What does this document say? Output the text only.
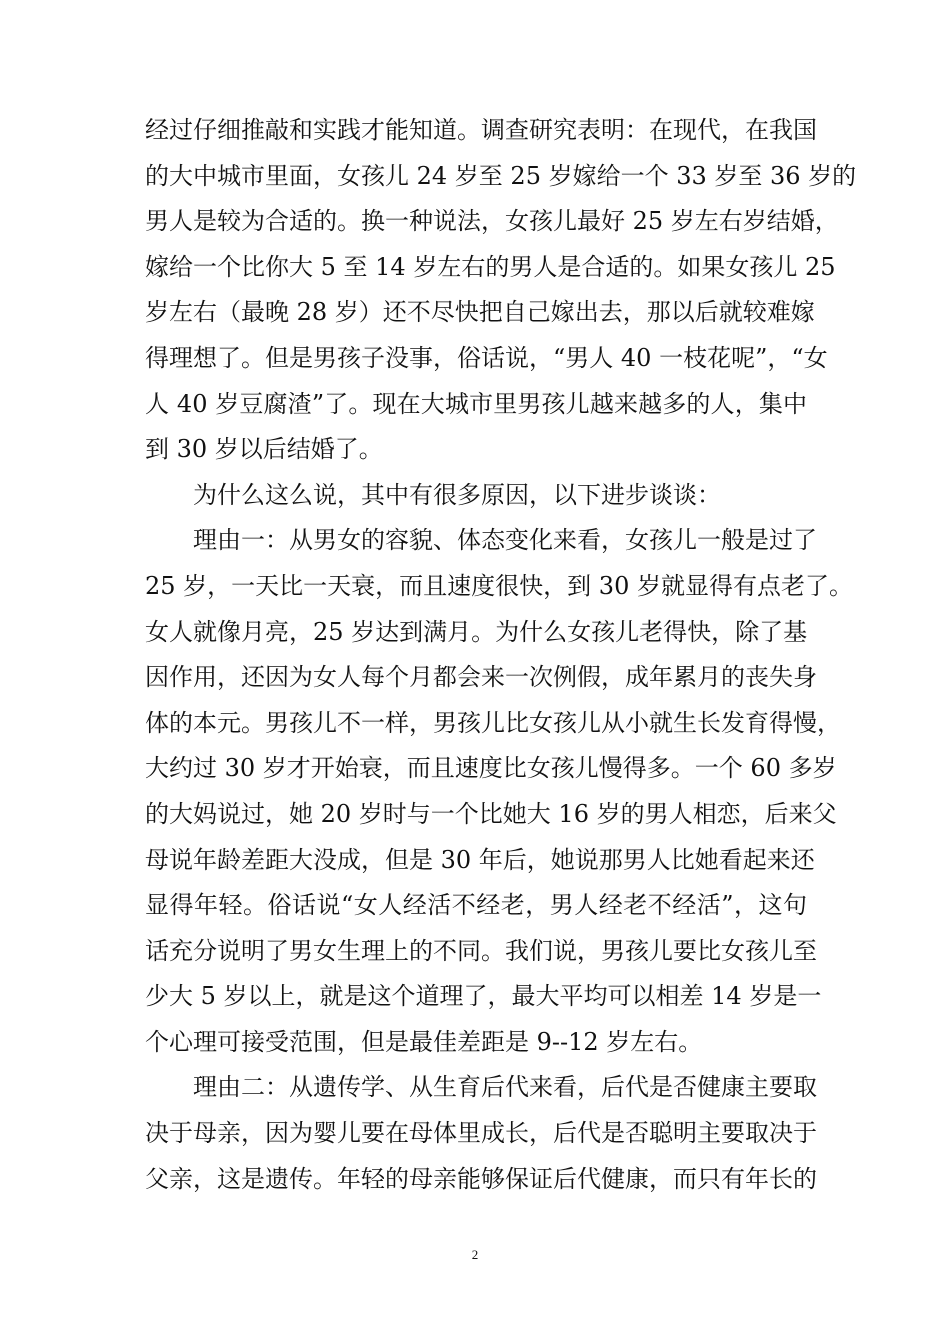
经过仔细推敲和实践才能知道。调查研究表明：在现代，在我国
的大中城市里面，女孩儿 24 岁至 25 岁嫁给一个 33 岁至 36 岁的
男人是较为合适的。换一种说法，女孩儿最好 25 岁左右岁结婚，
嫁给一个比你大 5 至 14 岁左右的男人是合适的。如果女孩儿 25
岁左右（最晚 28 岁）还不尽快把自己嫁出去，那以后就较难嫁
得理想了。但是男孩子没事，俗话说，“男人 40 一枝花呢”，“女
人 40 岁豆腐渣”了。现在大城市里男孩儿越来越多的人，集中
到 30 岁以后结婚了。
为什么这么说，其中有很多原因，以下进步谈谈：
理由一：从男女的容貌、体态变化来看，女孩儿一般是过了
25 岁，一天比一天衰，而且速度很快，到 30 岁就显得有点老了。
女人就像月亮，25 岁达到满月。为什么女孩儿老得快，除了基
因作用，还因为女人每个月都会来一次例假，成年累月的丧失身
体的本元。男孩儿不一样，男孩儿比女孩儿从小就生长发育得慢，
大约过 30 岁才开始衰，而且速度比女孩儿慢得多。一个 60 多岁
的大妈说过，她 20 岁时与一个比她大 16 岁的男人相恋，后来父
母说年龄差距大没成，但是 30 年后，她说那男人比她看起来还
显得年轻。俗话说“女人经活不经老，男人经老不经活”，这句
话充分说明了男女生理上的不同。我们说，男孩儿要比女孩儿至
少大 5 岁以上，就是这个道理了，最大平均可以相差 14 岁是一
个心理可接受范围，但是最佳差距是 9--12 岁左右。
理由二：从遗传学、从生育后代来看，后代是否健康主要取
决于母亲，因为婴儿要在母体里成长，后代是否聪明主要取决于
父亲，这是遗传。年轻的母亲能够保证后代健康，而只有年长的
2
